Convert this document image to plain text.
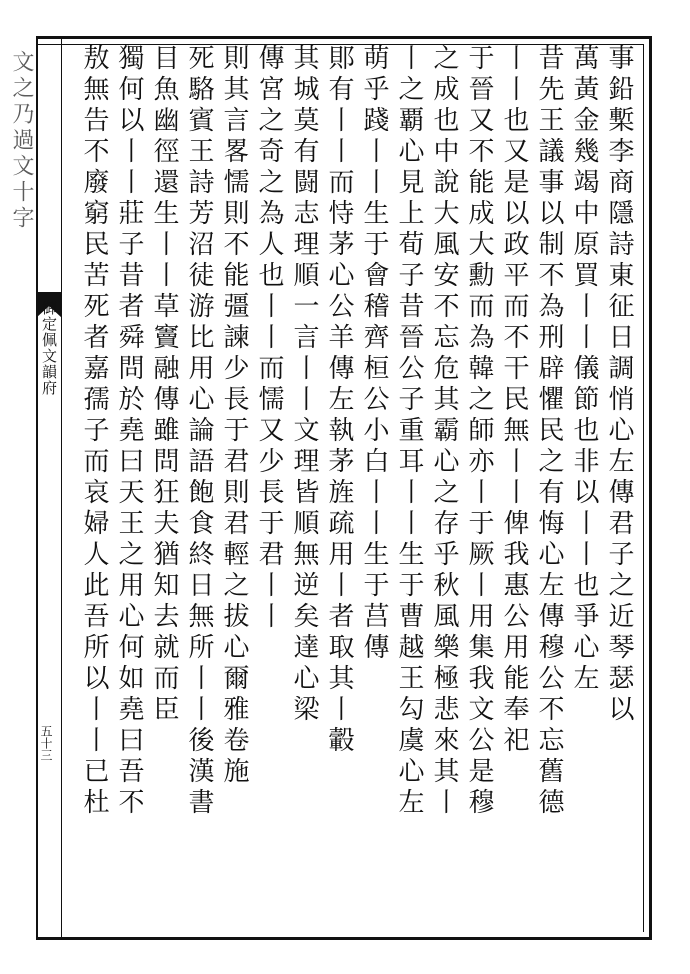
文之乃過文十字
御定佩文韻府
五十三
事鉛槧李商隱詩東征日調悄心左傳君子之近琴瑟以
萬黃金幾竭中原買丨丨儀節也非以丨丨也爭心左
昔先王議事以制不為刑辟懼民之有悔心左傳穆公不忘舊德
丨丨也又是以政平而不干民無丨丨俾我惠公用能奉祀
于晉又不能成大勳而為韓之師亦丨于厥丨用集我文公是穆
之成也中說大風安不忘危其霸心之存乎秋風樂極悲來其丨
丨之覇心見上荀子昔晉公子重耳丨丨生于曹越王勾虞心左
萌乎踐丨丨生于會稽齊桓公小白丨丨生于莒傳
郥有丨丨而恃茅心公羊傳左執茅旌疏用丨者取其丨轂
其城莫有闘志理順一言丨丨文理皆順無逆矣達心梁
傳宮之奇之為人也丨丨而懦又少長于君丨丨
則其言畧懦則不能彊諫少長于君則君輕之拔心爾雅卷施
死駱賓王詩芳沼徒游比用心論語飽食終日無所丨丨後漢書
目魚幽徑還生丨丨草竇融傳雖問狂夫猶知去就而臣
獨何以丨丨莊子昔者舜問於堯曰天王之用心何如堯曰吾不
敖無告不廢窮民苦死者嘉孺子而哀婦人此吾所以丨丨已杜
